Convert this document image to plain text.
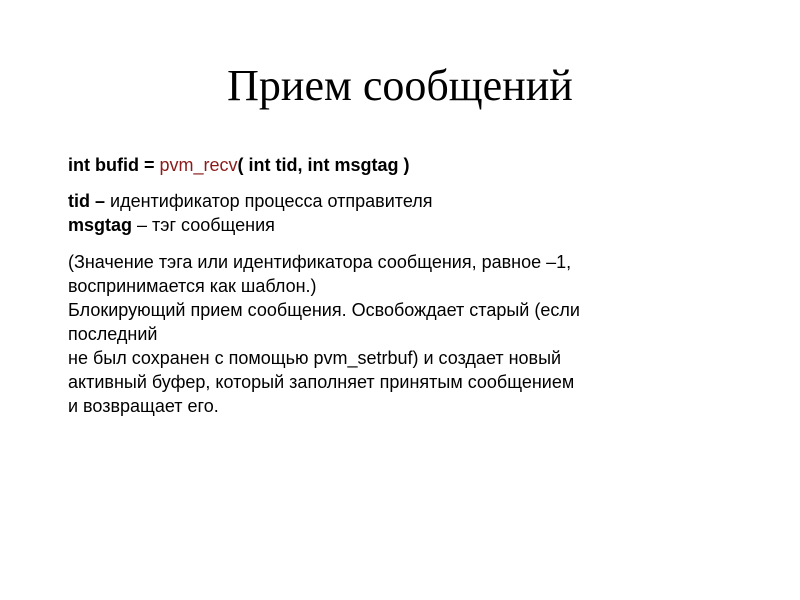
Прием сообщений
int bufid = pvm_recv( int tid, int msgtag )
tid – идентификатор процесса отправителя
msgtag – тэг сообщения

(Значение тэга или идентификатора сообщения, равное –1,

воспринимается как шаблон.)

Блокирующий прием сообщения. Освобождает старый (если

последний

не был сохранен с помощью pvm_setrbuf) и создает новый

активный буфер, который заполняет принятым сообщением

и возвращает его.
